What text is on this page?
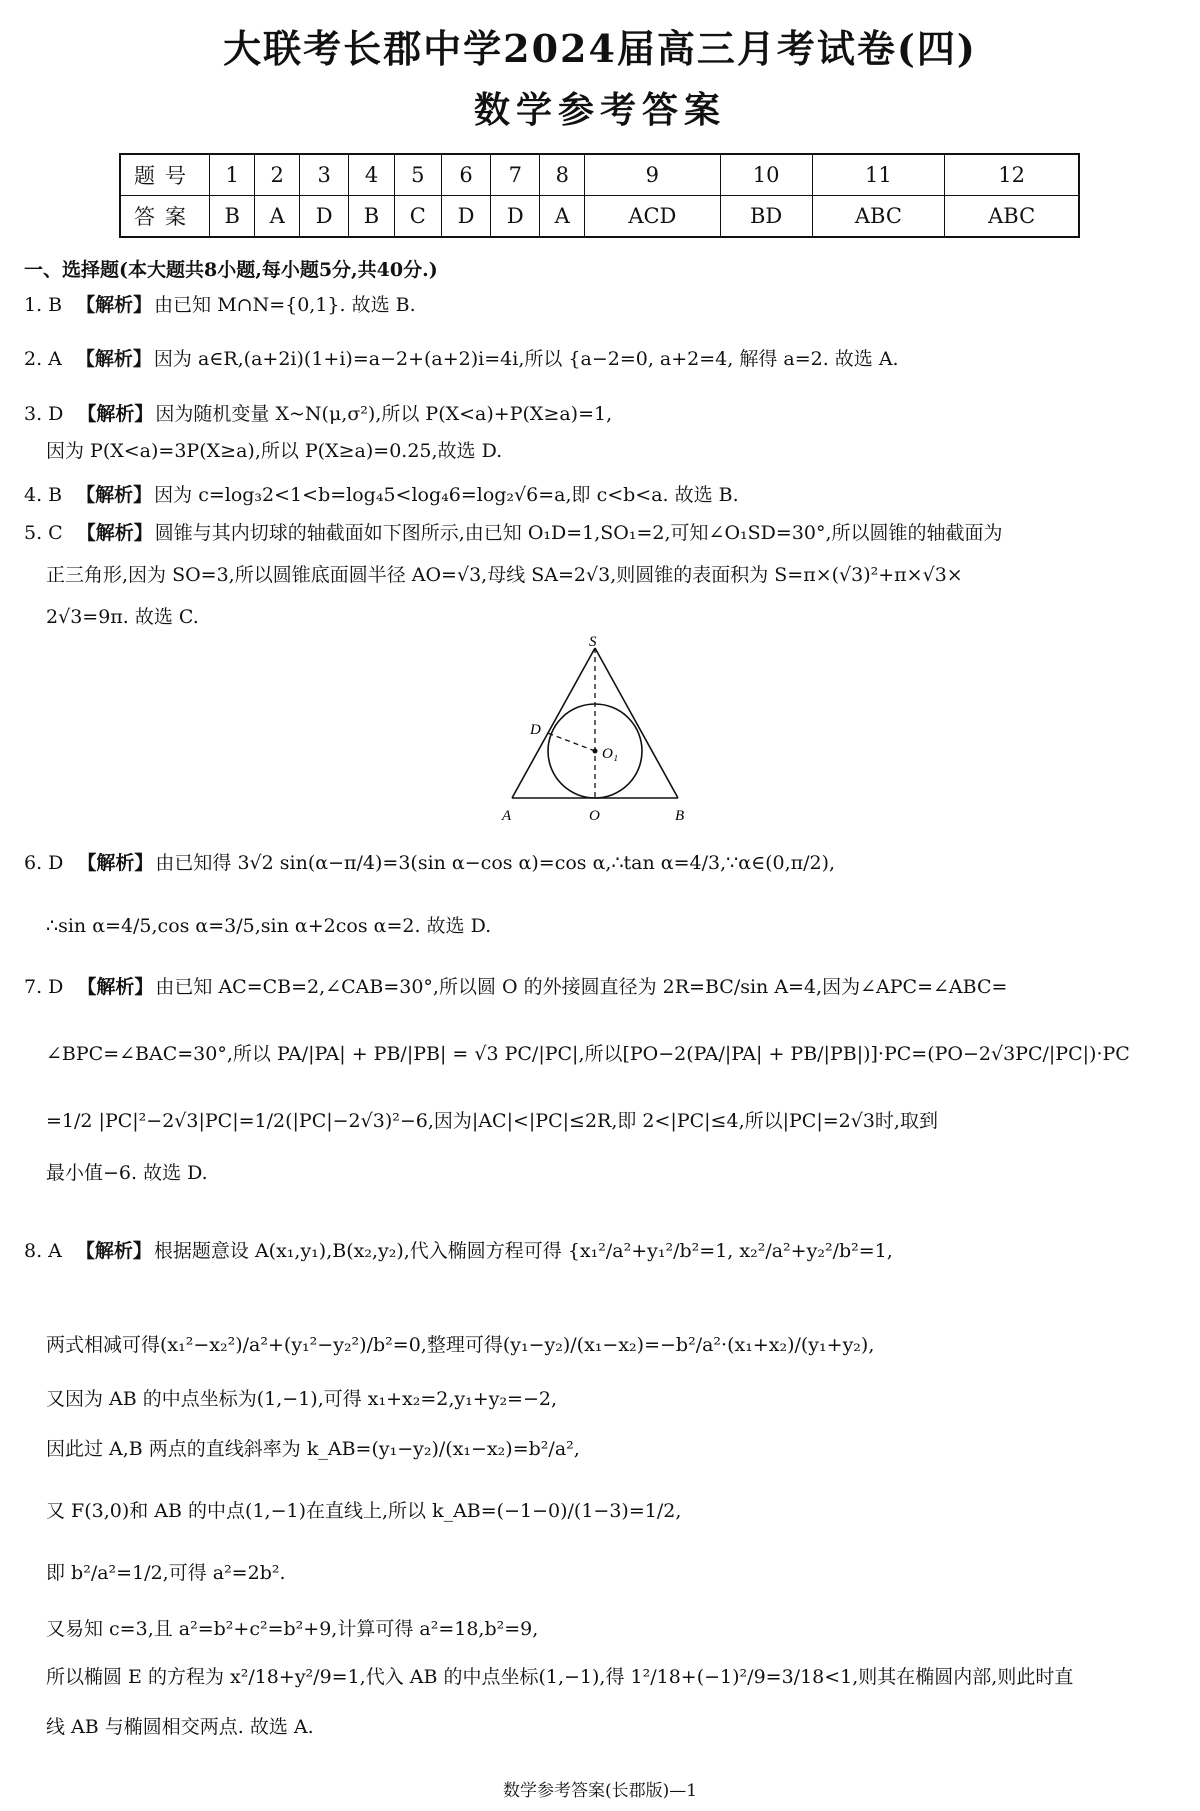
大联考长郡中学2024届高三月考试卷(四)
数学参考答案
题号	1	2	3	4	5	6	7	8	9	10	11	12
答案	B	A	D	B	C	D	D	A	ACD	BD	ABC	ABC
一、选择题(本大题共8小题,每小题5分,共40分.)
1. B 【解析】 由已知 M∩N={0,1}. 故选 B.
2. A 【解析】 因为 a∈R,(a+2i)(1+i)=a−2+(a+2)i=4i,所以 {a−2=0, a+2=4, 解得 a=2. 故选 A.
3. D 【解析】 因为随机变量 X~N(μ,σ²),所以 P(X<a)+P(X≥a)=1,
因为 P(X<a)=3P(X≥a),所以 P(X≥a)=0.25,故选 D.
4. B 【解析】 因为 c=log₃2<1<b=log₄5<log₄6=log₂√6=a,即 c<b<a. 故选 B.
5. C 【解析】 圆锥与其内切球的轴截面如下图所示,由已知 O₁D=1,SO₁=2,可知∠O₁SD=30°,所以圆锥的轴截面为
正三角形,因为 SO=3,所以圆锥底面圆半径 AO=√3,母线 SA=2√3,则圆锥的表面积为 S=π×(√3)²+π×√3×
2√3=9π. 故选 C.
S
D
O₁
A	O	B
6. D 【解析】 由已知得 3√2 sin(α−π/4)=3(sin α−cos α)=cos α,∴tan α=4/3,∵α∈(0,π/2),
∴sin α=4/5,cos α=3/5,sin α+2cos α=2. 故选 D.
7. D 【解析】 由已知 AC=CB=2,∠CAB=30°,所以圆 O 的外接圆直径为 2R=BC/sin A=4,因为∠APC=∠ABC=
∠BPC=∠BAC=30°,所以 PA/|PA| + PB/|PB| = √3 PC/|PC|,所以[PO−2(PA/|PA| + PB/|PB|)]·PC=(PO−2√3PC/|PC|)·PC
=1/2 |PC|²−2√3|PC|=1/2(|PC|−2√3)²−6,因为|AC|<|PC|≤2R,即 2<|PC|≤4,所以|PC|=2√3时,取到
最小值−6. 故选 D.
8. A 【解析】 根据题意设 A(x₁,y₁),B(x₂,y₂),代入椭圆方程可得 {x₁²/a²+y₁²/b²=1, x₂²/a²+y₂²/b²=1,
两式相减可得(x₁²−x₂²)/a²+(y₁²−y₂²)/b²=0,整理可得(y₁−y₂)/(x₁−x₂)=−b²/a²·(x₁+x₂)/(y₁+y₂),
又因为 AB 的中点坐标为(1,−1),可得 x₁+x₂=2,y₁+y₂=−2,
因此过 A,B 两点的直线斜率为 k_AB=(y₁−y₂)/(x₁−x₂)=b²/a²,
又 F(3,0)和 AB 的中点(1,−1)在直线上,所以 k_AB=(−1−0)/(1−3)=1/2,
即 b²/a²=1/2,可得 a²=2b².
又易知 c=3,且 a²=b²+c²=b²+9,计算可得 a²=18,b²=9,
所以椭圆 E 的方程为 x²/18+y²/9=1,代入 AB 的中点坐标(1,−1),得 1²/18+(−1)²/9=3/18<1,则其在椭圆内部,则此时直
线 AB 与椭圆相交两点. 故选 A.
数学参考答案(长郡版)—1
